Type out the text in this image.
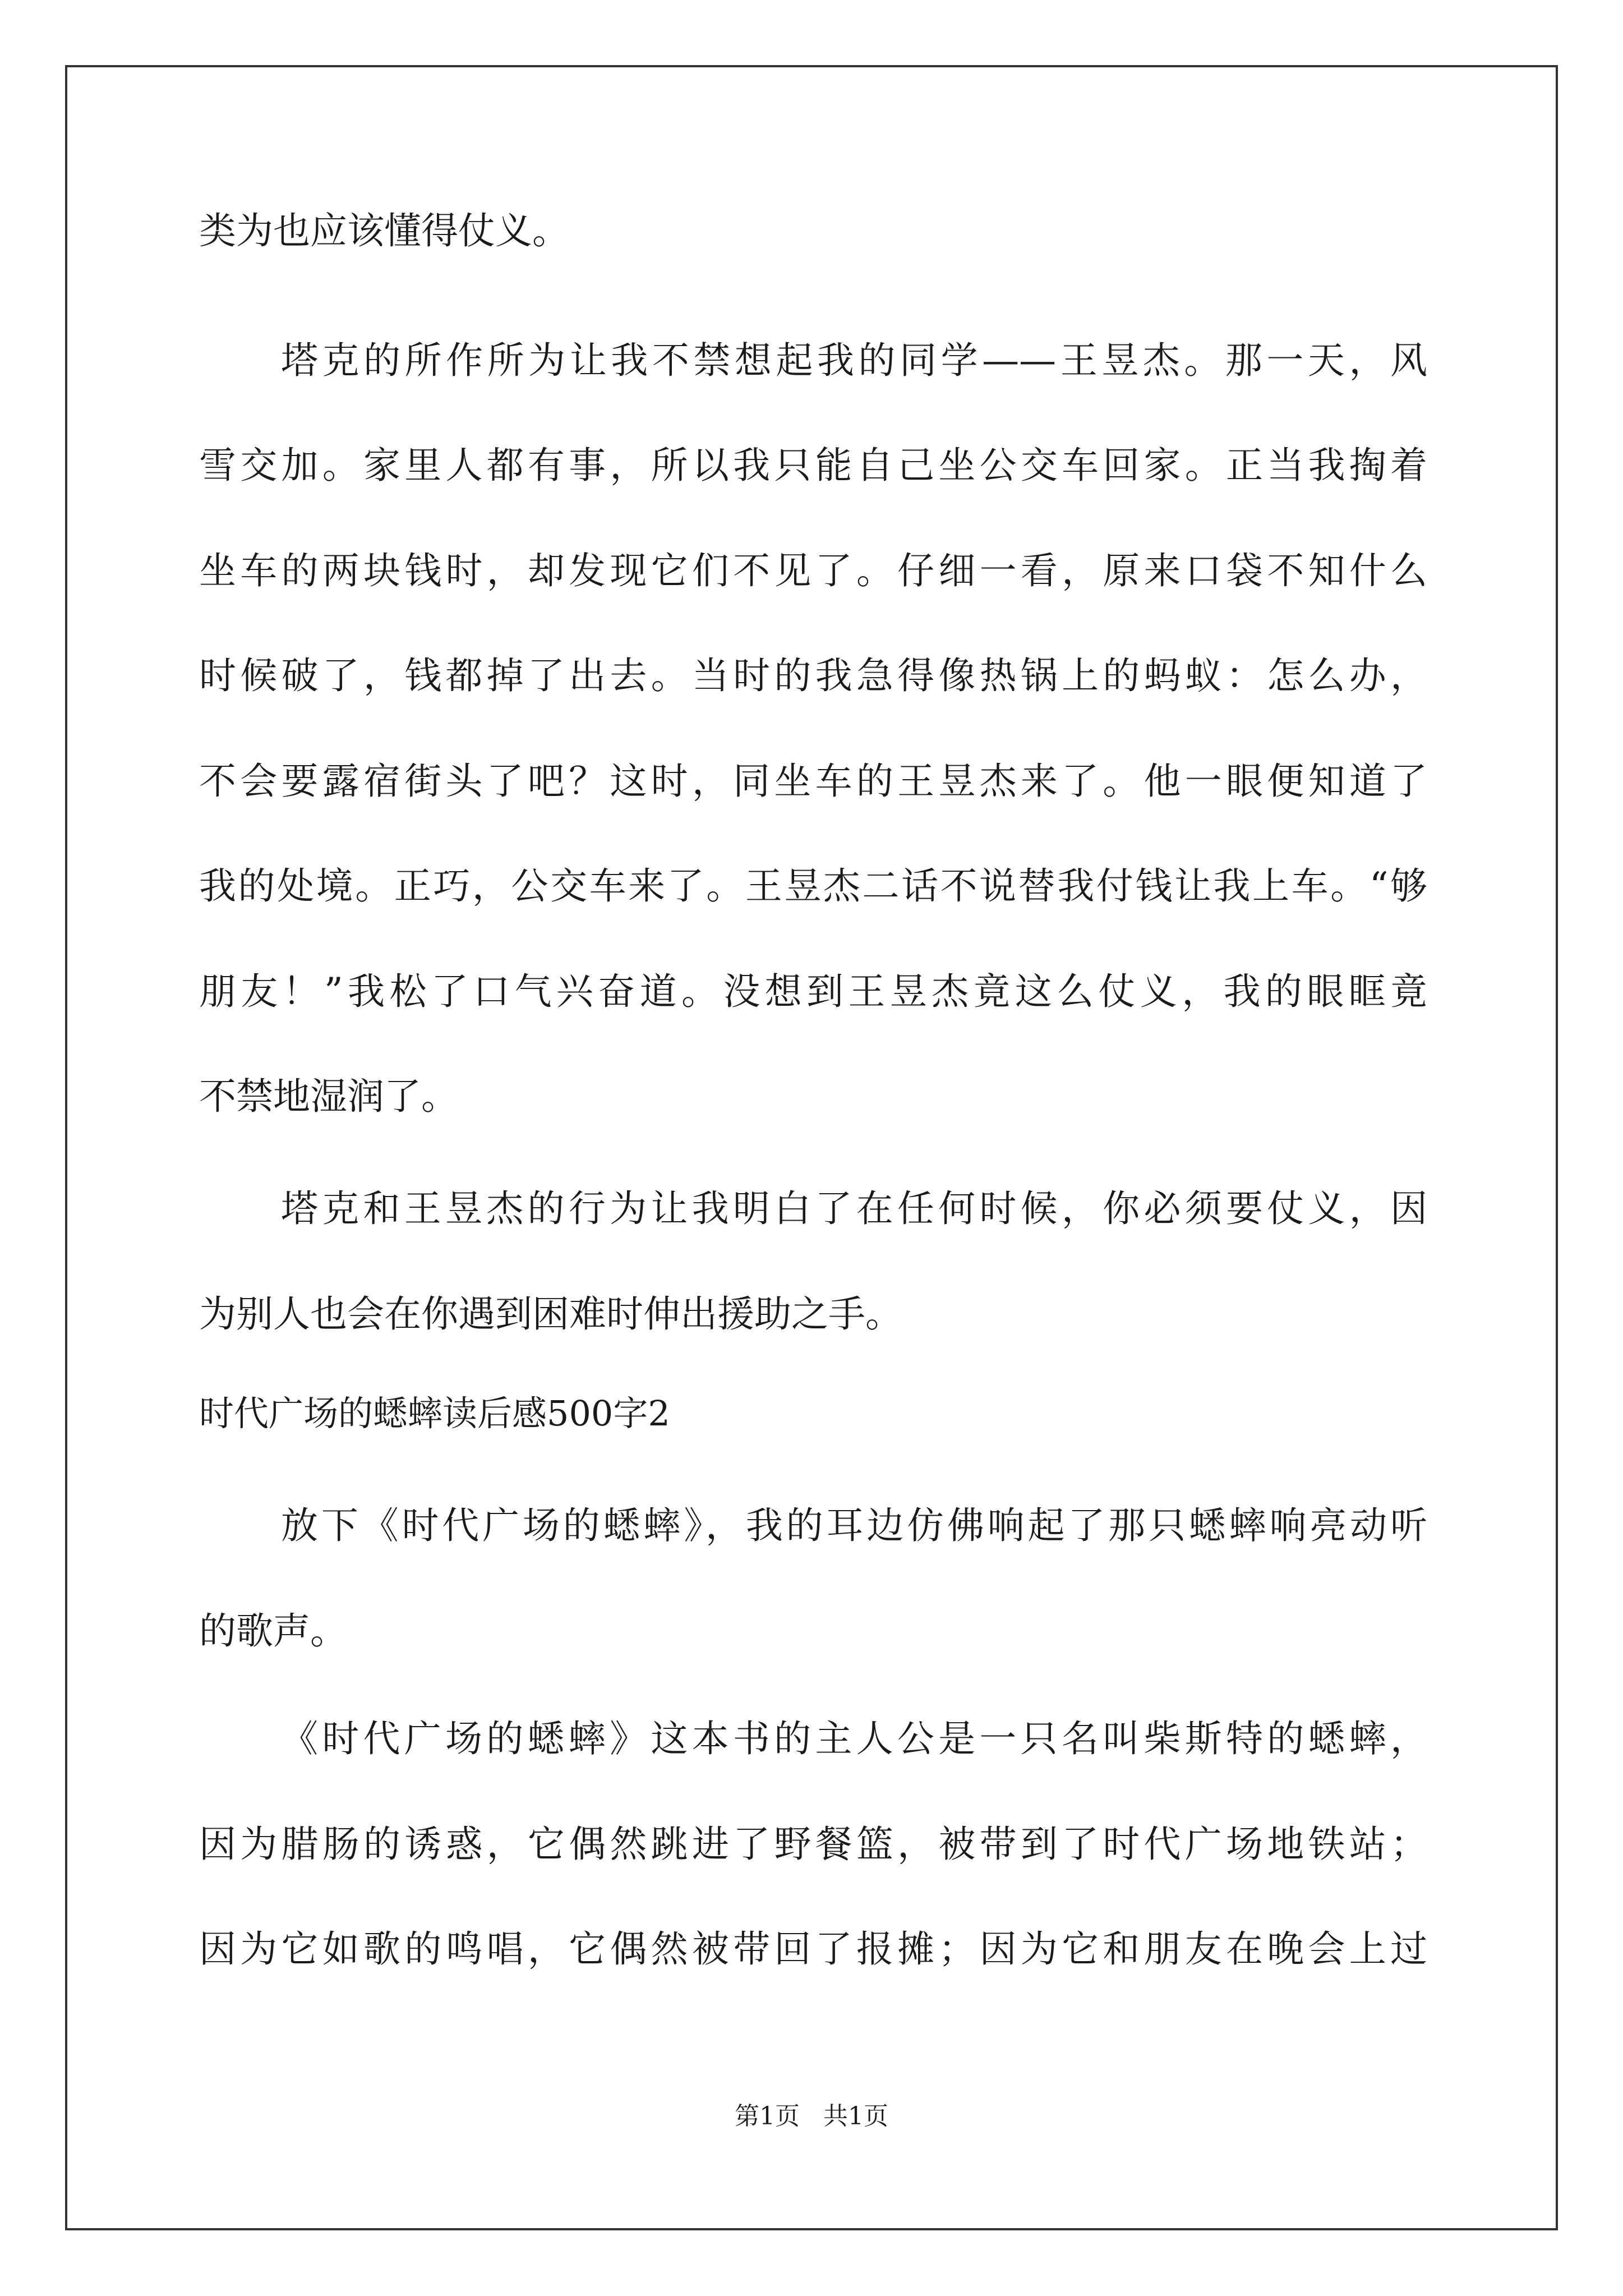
类为也应该懂得仗义。
塔克的所作所为让我不禁想起我的同学——王昱杰。那一天，风
雪交加。家里人都有事，所以我只能自己坐公交车回家。正当我掏着
坐车的两块钱时，却发现它们不见了。仔细一看，原来口袋不知什么
时候破了，钱都掉了出去。当时的我急得像热锅上的蚂蚁：怎么办，
不会要露宿街头了吧？这时，同坐车的王昱杰来了。他一眼便知道了
我的处境。正巧，公交车来了。王昱杰二话不说替我付钱让我上车。“够
朋友！”我松了口气兴奋道。没想到王昱杰竟这么仗义，我的眼眶竟
不禁地湿润了。
塔克和王昱杰的行为让我明白了在任何时候，你必须要仗义，因
为别人也会在你遇到困难时伸出援助之手。
时代广场的蟋蟀读后感500字2
放下《时代广场的蟋蟀》，我的耳边仿佛响起了那只蟋蟀响亮动听
的歌声。
《时代广场的蟋蟀》这本书的主人公是一只名叫柴斯特的蟋蟀，
因为腊肠的诱惑，它偶然跳进了野餐篮，被带到了时代广场地铁站；
因为它如歌的鸣唱，它偶然被带回了报摊；因为它和朋友在晚会上过
第1页 共1页
